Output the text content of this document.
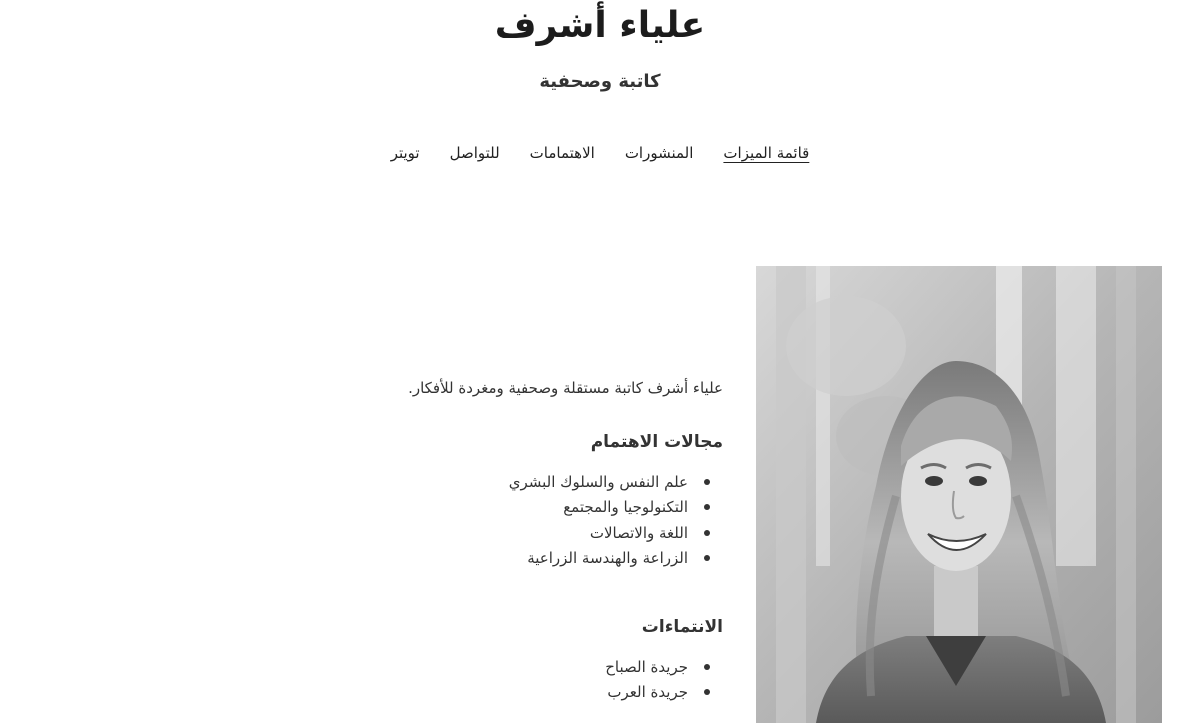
علياء أشرف
كاتبة وصحفية
قائمة الميزات
المنشورات
الاهتمامات
للتواصل
تويتر

علياء أشرف كاتبة مستقلة وصحفية ومغردة للأفكار.

مجالات الاهتمام
علم النفس والسلوك البشري
التكنولوجيا والمجتمع
اللغة والاتصالات
الزراعة والهندسة الزراعية
الانتماءات
جريدة الصباح
جريدة العرب
